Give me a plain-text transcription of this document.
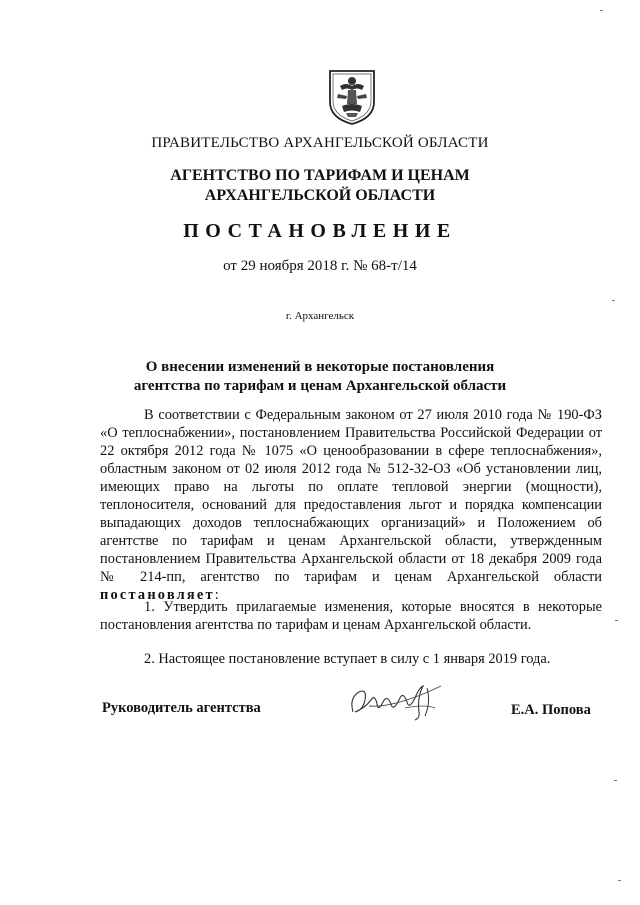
ПРАВИТЕЛЬСТВО АРХАНГЕЛЬСКОЙ ОБЛАСТИ
АГЕНТСТВО ПО ТАРИФАМ И ЦЕНАМ
АРХАНГЕЛЬСКОЙ ОБЛАСТИ
ПОСТАНОВЛЕНИЕ
от 29 ноября 2018 г. № 68-т/14
г. Архангельск
О внесении изменений в некоторые постановления
агентства по тарифам и ценам Архангельской области
В соответствии с Федеральным законом от 27 июля 2010 года № 190-ФЗ «О теплоснабжении», постановлением Правительства Российской Федерации от 22 октября 2012 года № 1075 «О ценообразовании в сфере теплоснабжения», областным законом от 02 июля 2012 года № 512-32-ОЗ «Об установлении лиц, имеющих право на льготы по оплате тепловой энергии (мощности), теплоносителя, оснований для предоставления льгот и порядка компенсации выпадающих доходов теплоснабжающих организаций» и Положением об агентстве по тарифам и ценам Архангельской области, утвержденным постановлением Правительства Архангельской области от 18 декабря 2009 года № 214-пп, агентство по тарифам и ценам Архангельской области постановляет:
1. Утвердить прилагаемые изменения, которые вносятся в некоторые постановления агентства по тарифам и ценам Архангельской области.
2. Настоящее постановление вступает в силу с 1 января 2019 года.
Руководитель агентства	Е.А. Попова
